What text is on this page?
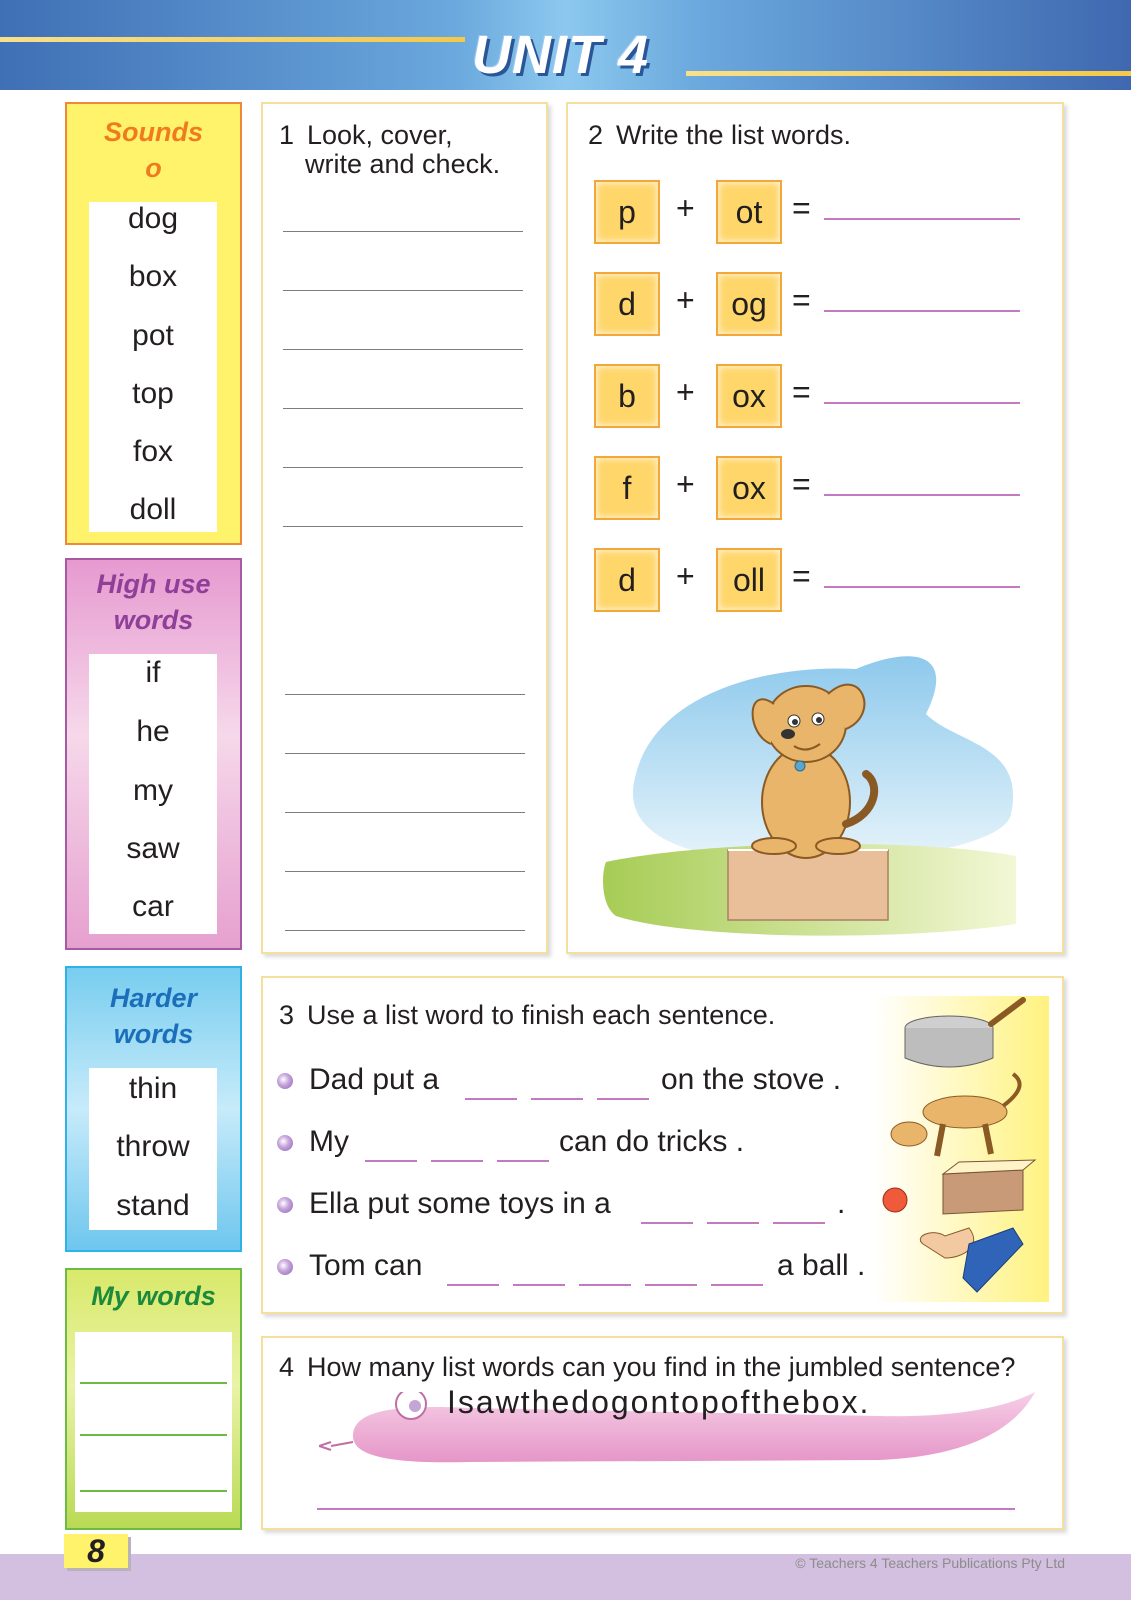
UNIT 4
Sounds
o
dog
box
pot
top
fox
doll
High use
words
if
he
my
saw
car
Harder
words
thin
throw
stand
My words
1 Look, cover,
write and check.
2 Write the list words.
p	+	ot =
d	+	og =
b	+	ox =
f	+	ox =
d	+	oll =
3 Use a list word to finish each sentence.
Dad put a	on the stove .
My	can do tricks .
Ella put some toys in a	.
Tom can	a ball .
4 How many list words can you find in the jumbled sentence?
Isawthedogontopofthebox.
8	© Teachers 4 Teachers Publications Pty Ltd
